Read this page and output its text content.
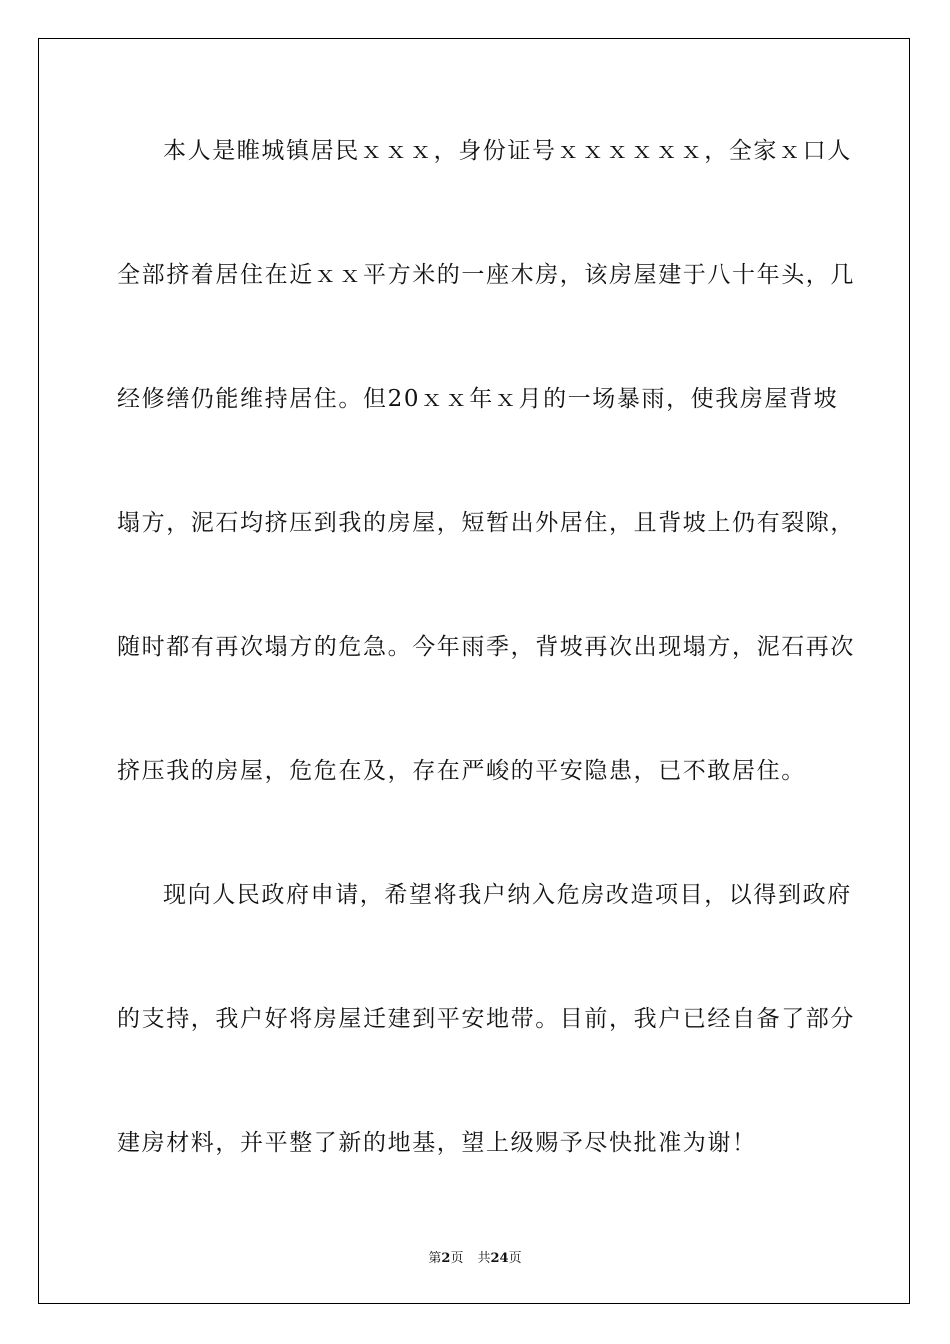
本人是睢城镇居民ｘｘｘ，身份证号ｘｘｘｘｘｘ，全家ｘ口人

全部挤着居住在近ｘｘ平方米的一座木房，该房屋建于八十年头，几

经修缮仍能维持居住。但20ｘｘ年ｘ月的一场暴雨，使我房屋背坡

塌方，泥石均挤压到我的房屋，短暂出外居住，且背坡上仍有裂隙，

随时都有再次塌方的危急。今年雨季，背坡再次出现塌方，泥石再次

挤压我的房屋，危危在及，存在严峻的平安隐患，已不敢居住。

现向人民政府申请，希望将我户纳入危房改造项目，以得到政府

的支持，我户好将房屋迁建到平安地带。目前，我户已经自备了部分

建房材料，并平整了新的地基，望上级赐予尽快批准为谢！

第2页 共24页
